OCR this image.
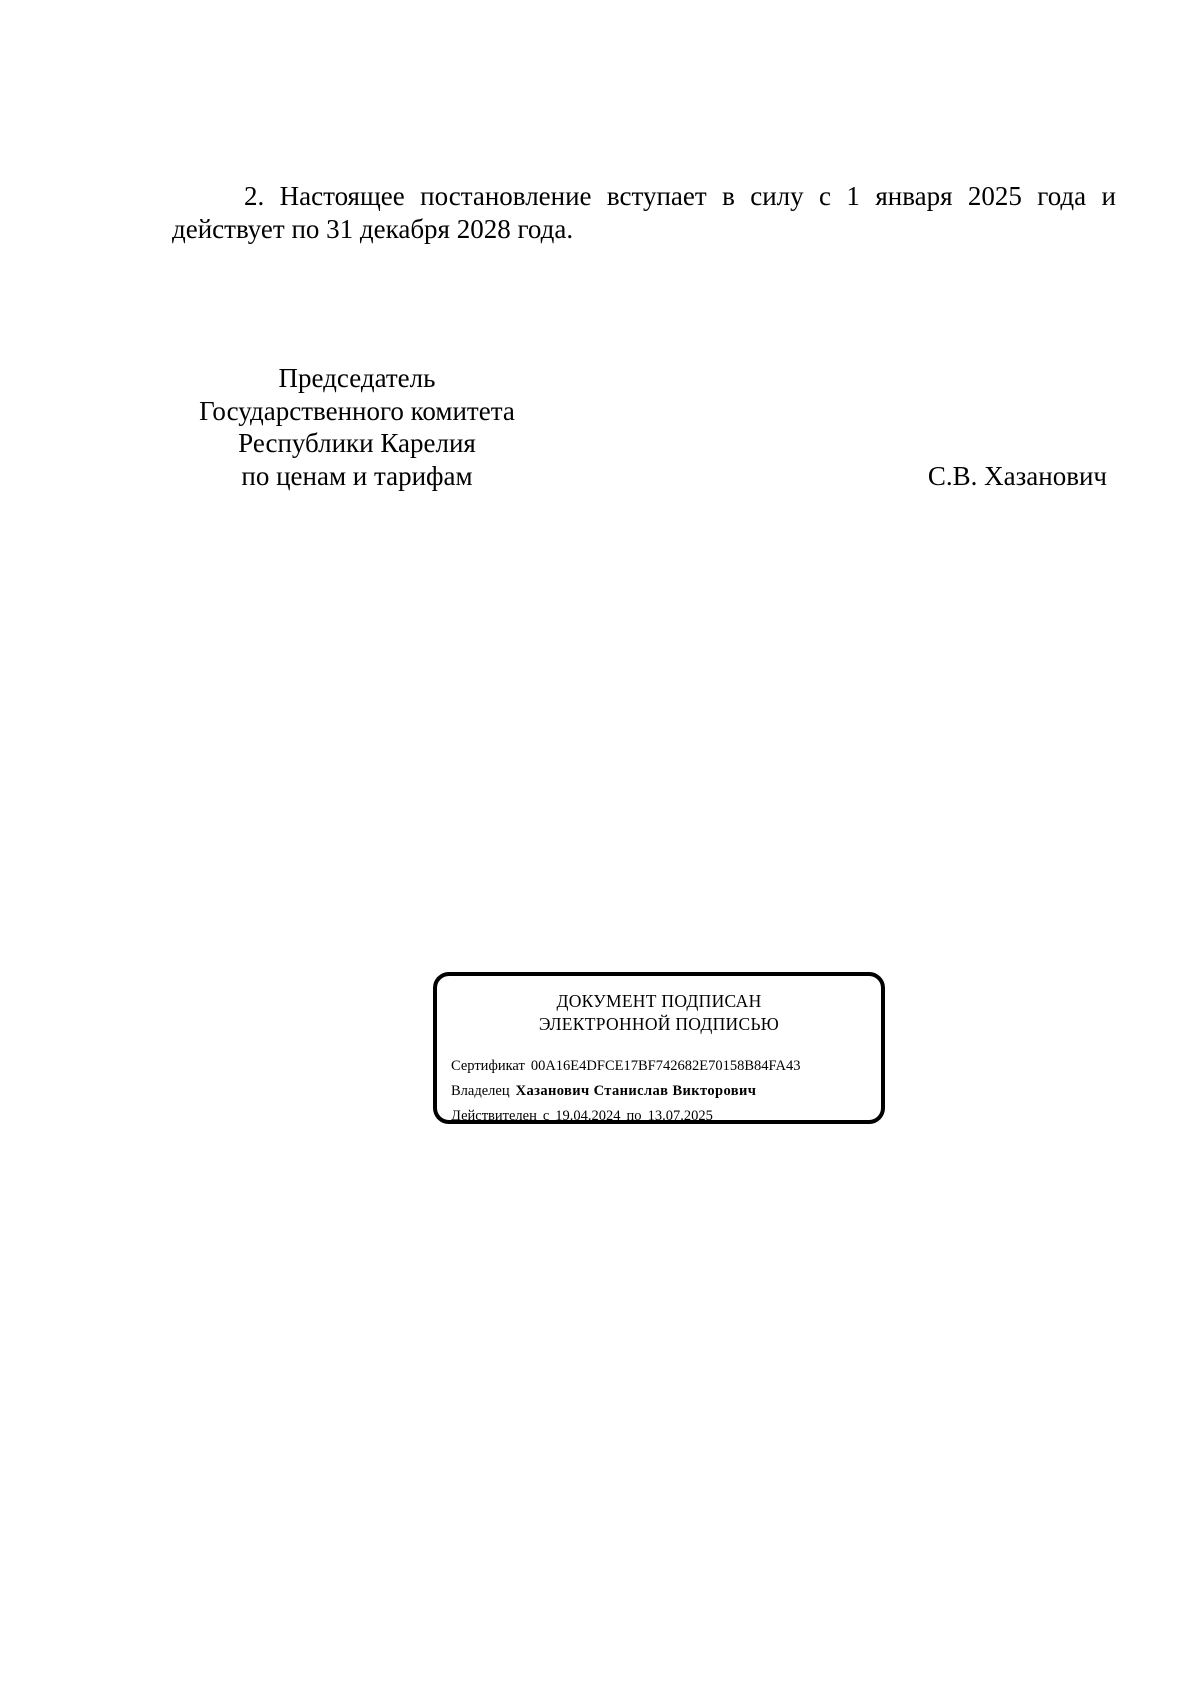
2. Настоящее постановление вступает в силу с 1 января 2025 года и действует по 31 декабря 2028 года.

Председатель
Государственного комитета
Республики Карелия
по ценам и тарифам	С.В. Хазанович
ДОКУМЕНТ ПОДПИСАН
ЭЛЕКТРОННОЙ ПОДПИСЬЮ
Сертификат 00A16E4DFCE17BF742682E70158B84FA43
Владелец Хазанович Станислав Викторович
Действителен с 19.04.2024 по 13.07.2025
